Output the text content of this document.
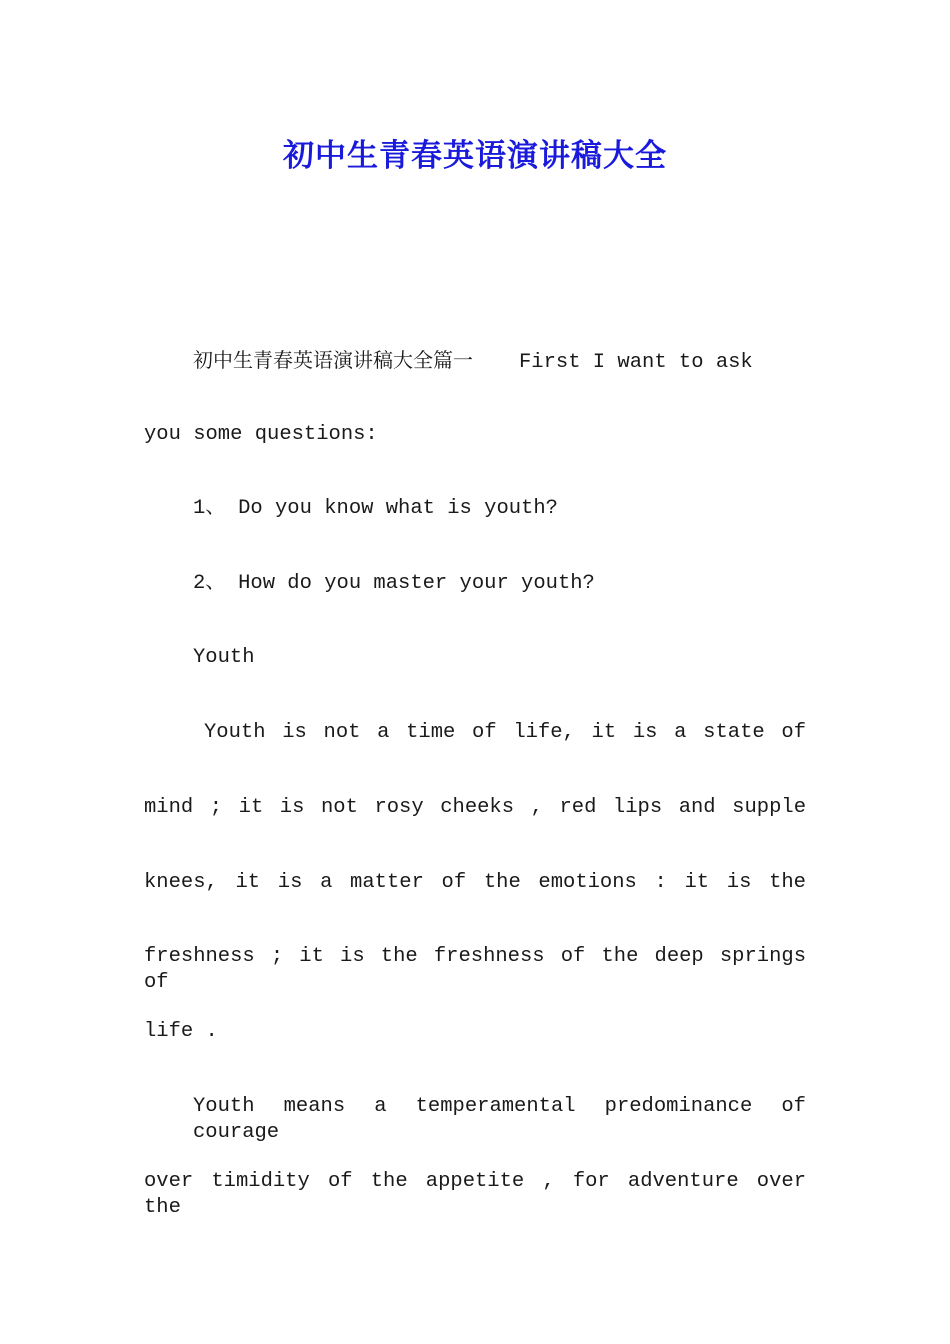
初中生青春英语演讲稿大全
初中生青春英语演讲稿大全篇一 First I want to ask
you some questions:
1、 Do you know what is youth?
2、 How do you master your youth?
Youth
Youth is not a time of life, it is a state of
mind ; it is not rosy cheeks , red lips and supple
knees, it is a matter of the emotions : it is the
freshness ; it is the freshness of the deep springs of
life .
Youth means a temperamental predominance of courage
over timidity of the appetite , for adventure over the
